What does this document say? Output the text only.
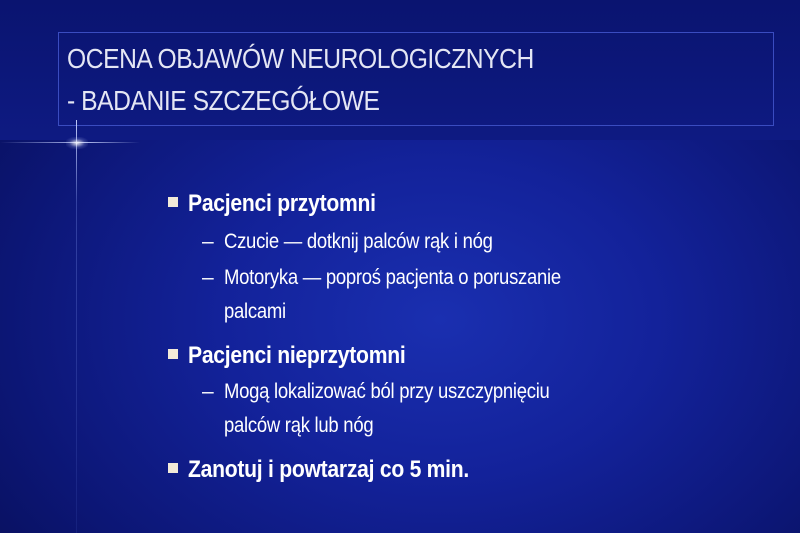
OCENA OBJAWÓW NEUROLOGICZNYCH
- BADANIE SZCZEGÓŁOWE
Pacjenci przytomni
– Czucie — dotknij palców rąk i nóg
– Motoryka — poproś pacjenta o poruszanie
palcami
Pacjenci nieprzytomni
– Mogą lokalizować ból przy uszczypnięciu
palców rąk lub nóg
Zanotuj i powtarzaj co 5 min.
